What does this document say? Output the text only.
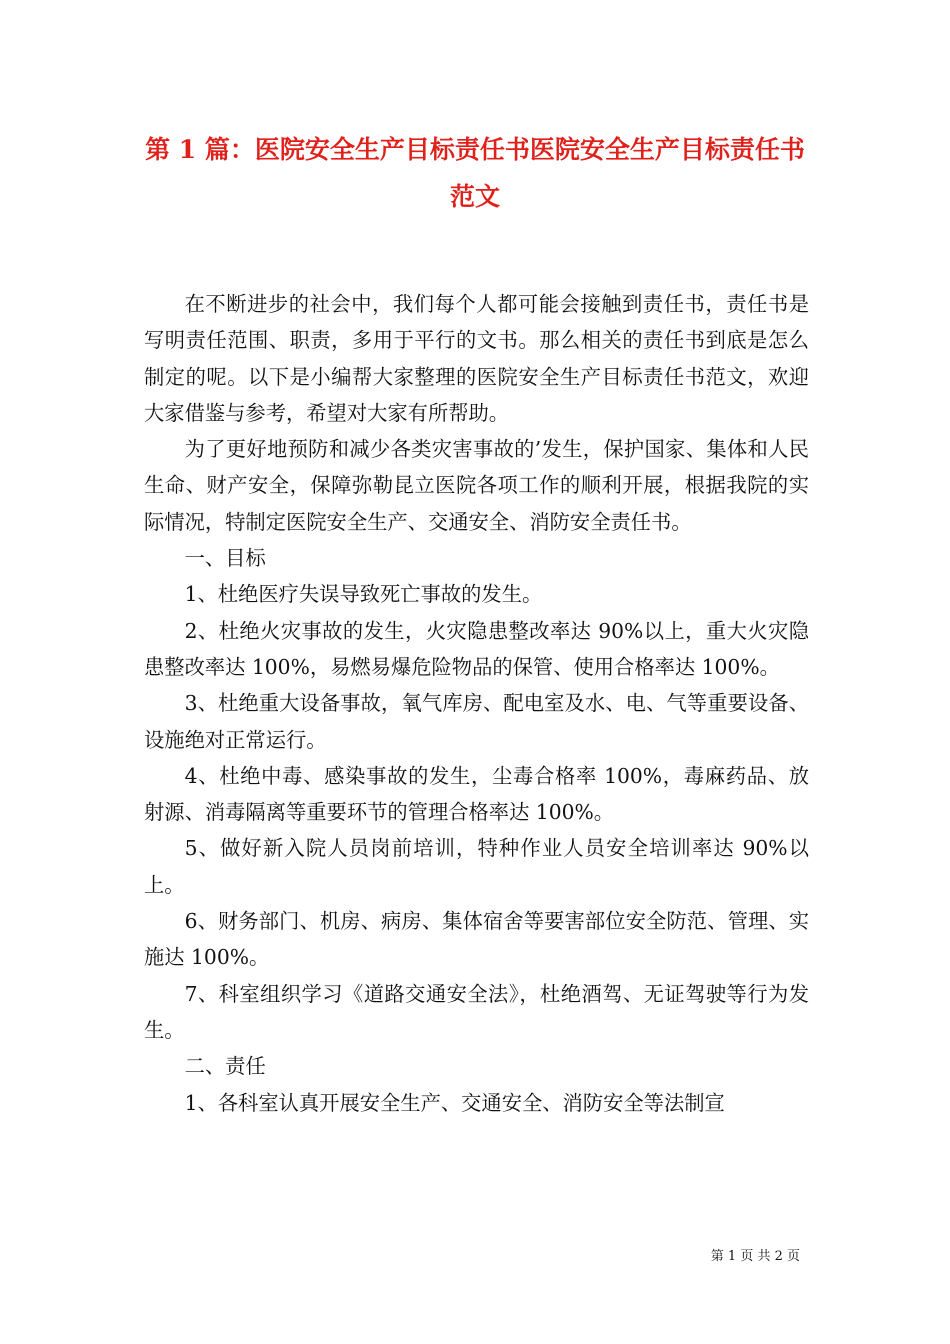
第 1 篇：医院安全生产目标责任书医院安全生产目标责任书
范文

在不断进步的社会中，我们每个人都可能会接触到责任书，责任书是写明责任范围、职责，多用于平行的文书。那么相关的责任书到底是怎么制定的呢。以下是小编帮大家整理的医院安全生产目标责任书范文，欢迎大家借鉴与参考，希望对大家有所帮助。

为了更好地预防和减少各类灾害事故的’发生，保护国家、集体和人民生命、财产安全，保障弥勒昆立医院各项工作的顺利开展，根据我院的实际情况，特制定医院安全生产、交通安全、消防安全责任书。

一、目标

1、杜绝医疗失误导致死亡事故的发生。

2、杜绝火灾事故的发生，火灾隐患整改率达 90%以上，重大火灾隐患整改率达 100%，易燃易爆危险物品的保管、使用合格率达 100%。

3、杜绝重大设备事故，氧气库房、配电室及水、电、气等重要设备、设施绝对正常运行。

4、杜绝中毒、感染事故的发生，尘毒合格率 100%，毒麻药品、放射源、消毒隔离等重要环节的管理合格率达 100%。

5、做好新入院人员岗前培训，特种作业人员安全培训率达 90%以上。

6、财务部门、机房、病房、集体宿舍等要害部位安全防范、管理、实施达 100%。

7、科室组织学习《道路交通安全法》，杜绝酒驾、无证驾驶等行为发生。

二、责任

1、各科室认真开展安全生产、交通安全、消防安全等法制宣

第 1 页 共 2 页
